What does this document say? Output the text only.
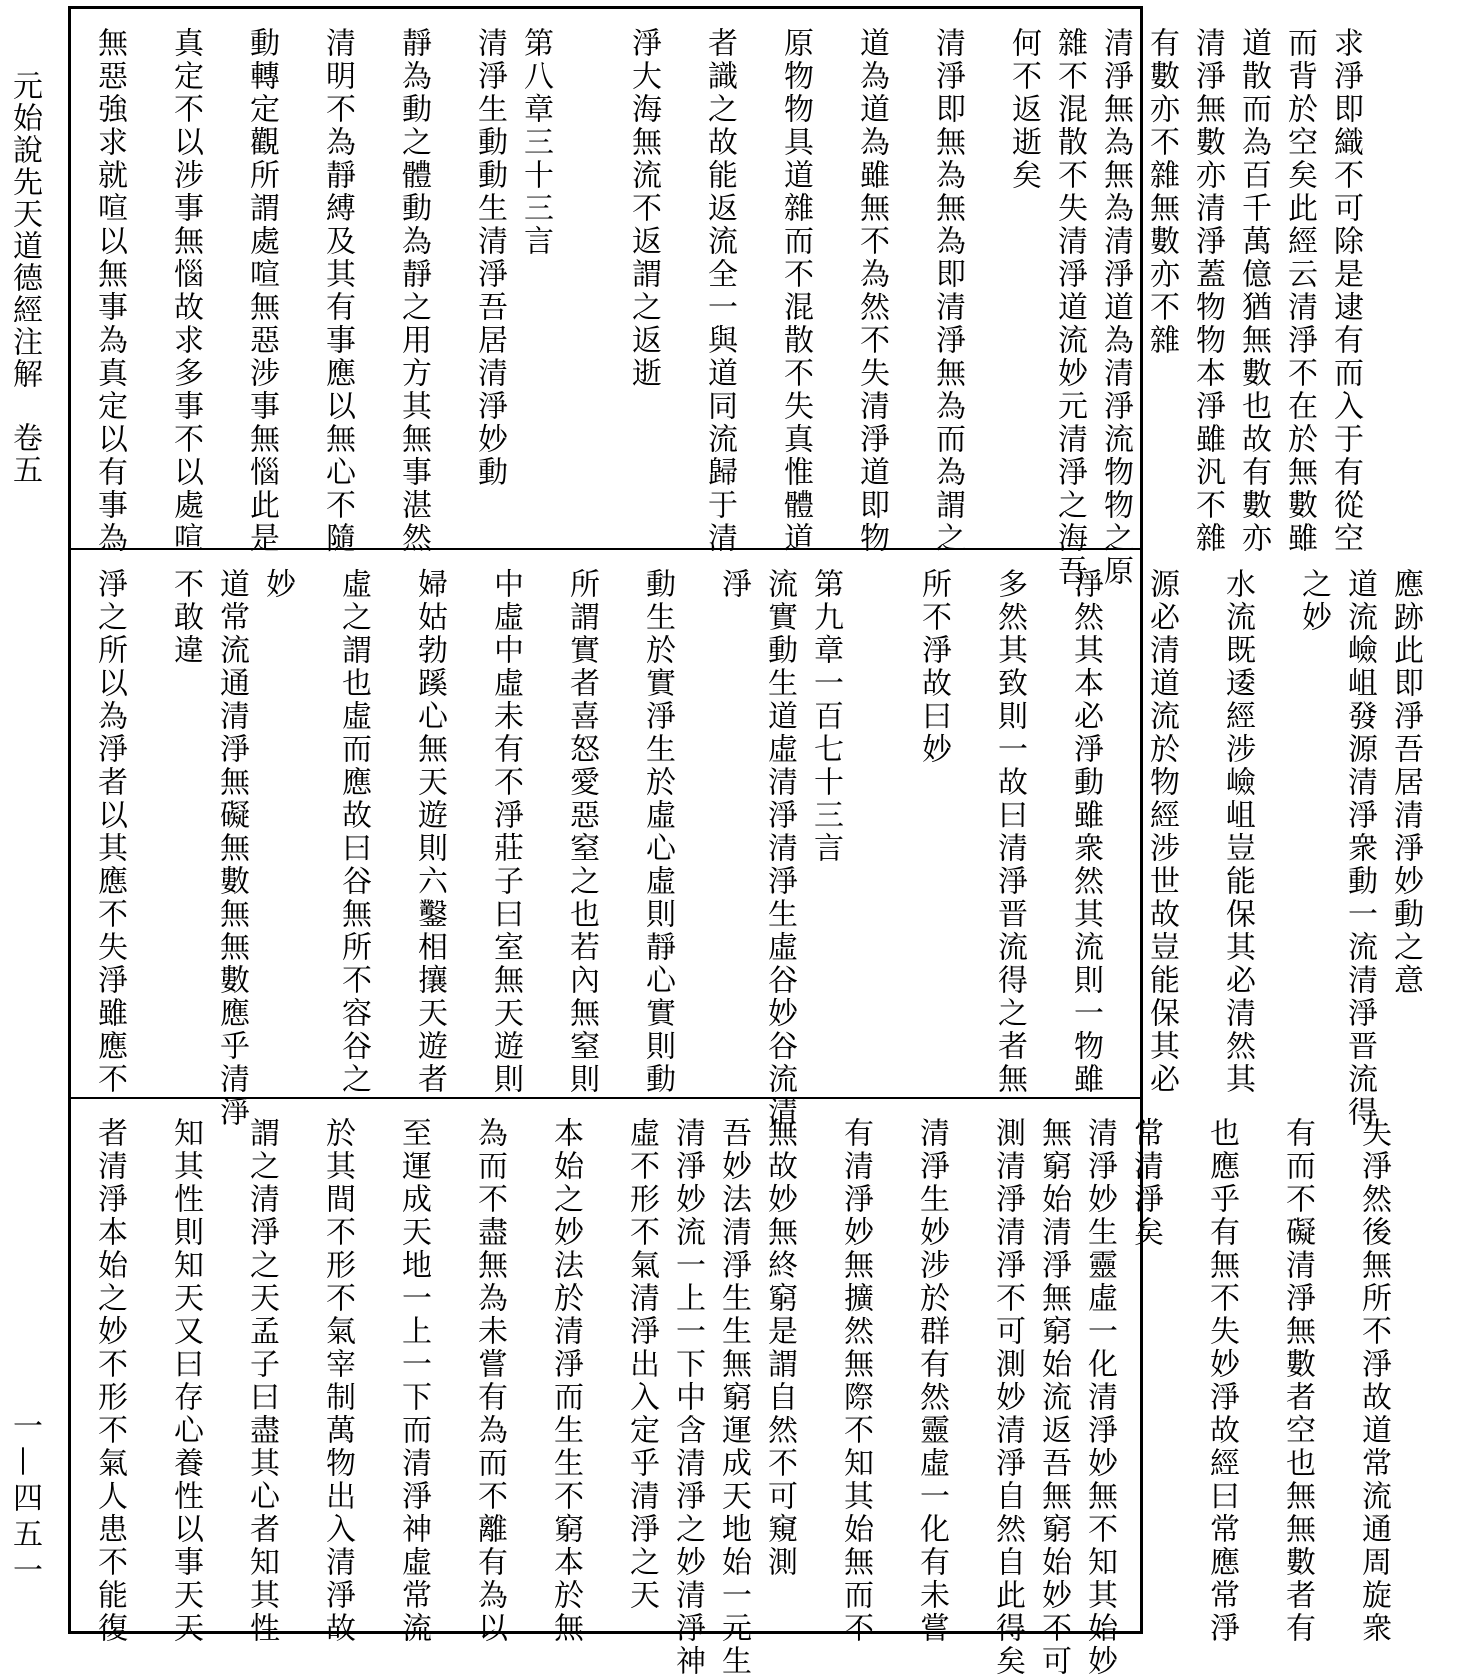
元始說先天道德經注解　卷五
一—四五一
求淨即織不可除是逮有而入于有從空
而背於空矣此經云清淨不在於無數雖
道散而為百千萬億猶無數也故有數亦
清淨無數亦清淨蓋物物本淨雖汎不雜
有數亦不雜無數亦不雜
清淨無為無為清淨道為清淨流物物之原
雜不混散不失清淨道流妙元清淨之海吾
何不返逝矣
清淨即無為無為即清淨無為而為謂之
道為道為雖無不為然不失清淨道即物
原物物具道雜而不混散不失真惟體道
者識之故能返流全一與道同流歸于清
淨大海無流不返謂之返逝
第八章三十三言
清淨生動動生清淨吾居清淨妙動
靜為動之體動為靜之用方其無事湛然
清明不為靜縛及其有事應以無心不隨
動轉定觀所謂處喧無惡涉事無惱此是
真定不以涉事無惱故求多事不以處喧
無惡強求就喧以無事為真定以有事為
應跡此即淨吾居清淨妙動之意
道流嶮岨發源清淨衆動一流清淨晋流得
之妙
水流既逶經涉嶮岨豈能保其必清然其
源必清道流於物經涉世故豈能保其必
淨然其本必淨動雖衆然其流則一物雖
多然其致則一故曰清淨晋流得之者無
所不淨故曰妙
第九章一百七十三言
流實動生道虛清淨清淨生虛谷妙谷流清
淨
動生於實淨生於虛心虛則靜心實則動
所謂實者喜怒愛惡窒之也若內無窒則
中虛中虛未有不淨莊子曰室無天遊則
婦姑勃蹊心無天遊則六鑿相攘天遊者
虛之謂也虛而應故曰谷無所不容谷之
妙
道常流通清淨無礙無數無無數應乎清淨
不敢違
淨之所以為淨者以其應不失淨雖應不
失淨然後無所不淨故道常流通周旋衆
有而不礙清淨無數者空也無無數者有
也應乎有無不失妙淨故經曰常應常淨
常清淨矣
清淨妙生靈虛一化清淨妙無不知其始妙
無窮始清淨無窮始流返吾無窮始妙不可
測清淨清淨不可測妙清淨自然自此得矣
清淨生妙涉於群有然靈虛一化有未嘗
有清淨妙無擴然無際不知其始無而不
無故妙無終窮是謂自然不可窺測
吾妙法清淨生生無窮運成天地始一元生
清淨妙流一上一下中含清淨之妙清淨神
虛不形不氣清淨出入定乎清淨之天
本始之妙法於清淨而生生不窮本於無
為而不盡無為未嘗有為而不離有為以
至運成天地一上一下而清淨神虛常流
於其間不形不氣宰制萬物出入清淨故
謂之清淨之天孟子曰盡其心者知其性
知其性則知天又曰存心養性以事天天
者清淨本始之妙不形不氣人患不能復
